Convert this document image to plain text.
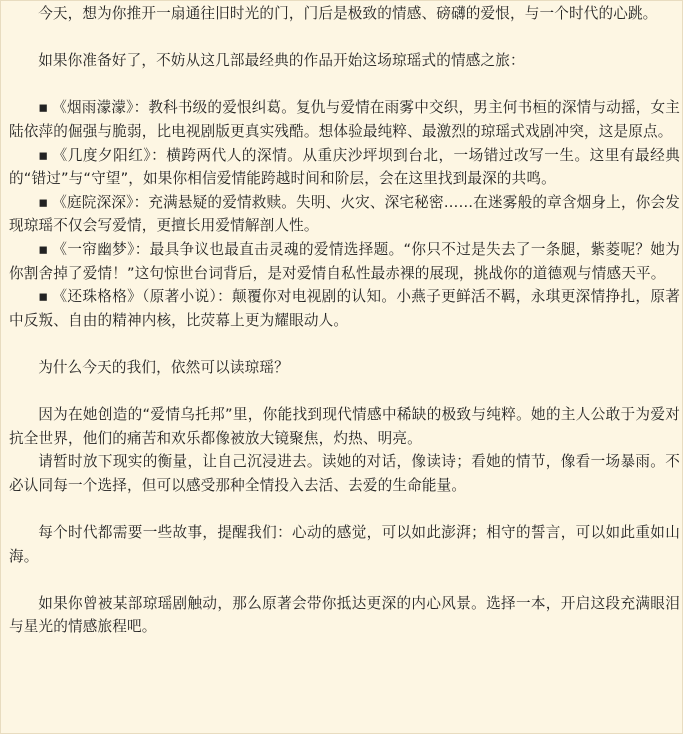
今天，想为你推开一扇通往旧时光的门，门后是极致的情感、磅礴的爱恨，与一个时代的心跳。

如果你准备好了，不妨从这几部最经典的作品开始这场琼瑶式的情感之旅：

▪ 《烟雨濛濛》：教科书级的爱恨纠葛。复仇与爱情在雨雾中交织，男主何书桓的深情与动摇，女主陆依萍的倔强与脆弱，比电视剧版更真实残酷。想体验最纯粹、最激烈的琼瑶式戏剧冲突，这是原点。

▪ 《几度夕阳红》：横跨两代人的深情。从重庆沙坪坝到台北，一场错过改写一生。这里有最经典的“错过”与“守望”，如果你相信爱情能跨越时间和阶层，会在这里找到最深的共鸣。

▪ 《庭院深深》：充满悬疑的爱情救赎。失明、火灾、深宅秘密……在迷雾般的章含烟身上，你会发现琼瑶不仅会写爱情，更擅长用爱情解剖人性。

▪ 《一帘幽梦》：最具争议也最直击灵魂的爱情选择题。“你只不过是失去了一条腿，紫菱呢？她为你割舍掉了爱情！”这句惊世台词背后，是对爱情自私性最赤裸的展现，挑战你的道德观与情感天平。

▪ 《还珠格格》（原著小说）：颠覆你对电视剧的认知。小燕子更鲜活不羁，永琪更深情挣扎，原著中反叛、自由的精神内核，比荧幕上更为耀眼动人。

为什么今天的我们，依然可以读琼瑶？

因为在她创造的“爱情乌托邦”里，你能找到现代情感中稀缺的极致与纯粹。她的主人公敢于为爱对抗全世界，他们的痛苦和欢乐都像被放大镜聚焦，灼热、明亮。

请暂时放下现实的衡量，让自己沉浸进去。读她的对话，像读诗；看她的情节，像看一场暴雨。不必认同每一个选择，但可以感受那种全情投入去活、去爱的生命能量。

每个时代都需要一些故事，提醒我们：心动的感觉，可以如此澎湃；相守的誓言，可以如此重如山海。

如果你曾被某部琼瑶剧触动，那么原著会带你抵达更深的内心风景。选择一本，开启这段充满眼泪与星光的情感旅程吧。
